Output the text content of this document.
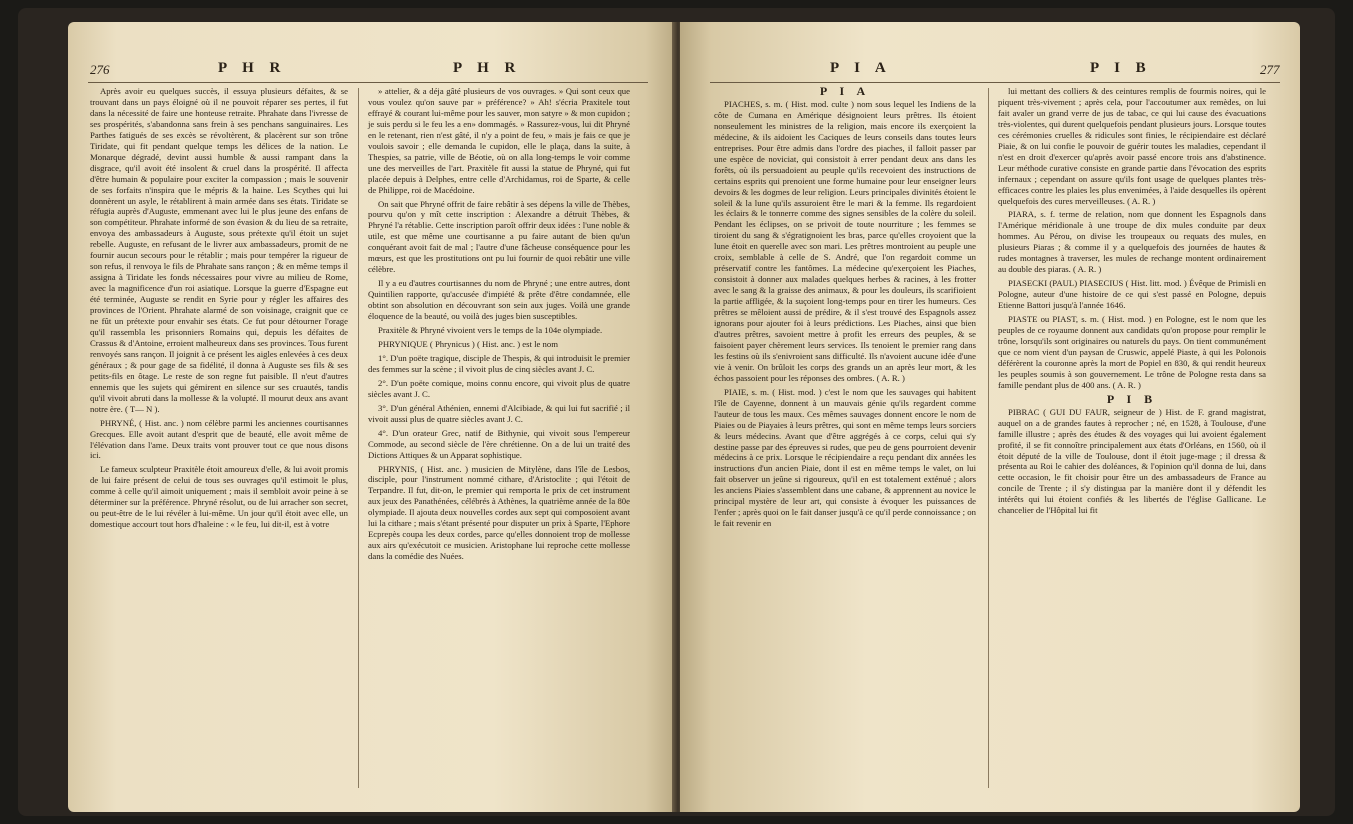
276	P H R	P H R

Après avoir eu quelques succès, il essuya plusieurs défaites, & se trouvant dans un pays éloigné où il ne pouvoit réparer ses pertes, il fut dans la nécessité de faire une honteuse retraite. Phrahate dans l'ivresse de ses prospérités, s'abandonna sans frein à ses penchans sanguinaires. Les Parthes fatigués de ses excès se révoltèrent, & placèrent sur son trône Tiridate, qui fit pendant quelque temps les délices de la nation. Le Monarque dégradé, devint aussi humble & aussi rampant dans la disgrace, qu'il avoit été insolent & cruel dans la prospérité. Il affecta d'être humain & populaire pour exciter la compassion ; mais le souvenir de ses forfaits n'inspira que le mépris & la haine. Les Scythes qui lui donnèrent un asyle, le rétablirent à main armée dans ses états. Tiridate se réfugia auprès d'Auguste, emmenant avec lui le plus jeune des enfans de son compétiteur. Phrahate informé de son évasion & du lieu de sa retraite, envoya des ambassadeurs à Auguste, sous prétexte qu'il étoit un sujet rebelle. Auguste, en refusant de le livrer aux ambassadeurs, promit de ne fournir aucun secours pour le rétablir ; mais pour tempérer la rigueur de son refus, il renvoya le fils de Phrahate sans rançon ; & en même temps il assigna à Tiridate les fonds nécessaires pour vivre au milieu de Rome, avec la magnificence d'un roi asiatique. Lorsque la guerre d'Espagne eut été terminée, Auguste se rendit en Syrie pour y régler les affaires des provinces de l'Orient. Phrahate alarmé de son voisinage, craignit que ce ne fût un prétexte pour envahir ses états. Ce fut pour détourner l'orage qu'il rassembla les prisonniers Romains qui, depuis les défaites de Crassus & d'Antoine, erroient malheureux dans ses provinces. Tous furent renvoyés sans rançon. Il joignit à ce présent les aigles enlevées à ces deux généraux ; & pour gage de sa fidélité, il donna à Auguste ses fils & ses petits-fils en ôtage. Le reste de son regne fut paisible. Il n'eut d'autres ennemis que les sujets qui gémirent en silence sur ses cruautés, tandis qu'il vivoit abruti dans la mollesse & la volupté. Il mourut deux ans avant notre ère. ( T— N ).

PHRYNÉ, ( Hist. anc. ) nom célèbre parmi les anciennes courtisannes Grecques. Elle avoit autant d'esprit que de beauté, elle avoit même de l'élévation dans l'ame. Deux traits vont prouver tout ce que nous disons ici.

Le fameux sculpteur Praxitèle étoit amoureux d'elle, & lui avoit promis de lui faire présent de celui de tous ses ouvrages qu'il estimoit le plus, comme à celle qu'il aimoit uniquement ; mais il sembloit avoir peine à se déterminer sur la préférence. Phryné résolut, ou de lui arracher son secret, ou peut-être de le lui révéler à lui-même. Un jour qu'il étoit avec elle, un domestique accourt tout hors d'haleine : « le feu, lui dit-il, est à votre

» attelier, & a déja gâté plusieurs de vos ouvrages. » Qui sont ceux que vous voulez qu'on sauve par » préférence? » Ah! s'écria Praxitele tout effrayé & courant lui-même pour les sauver, mon satyre » & mon cupidon ; je suis perdu si le feu les a en» dommagés. » Rassurez-vous, lui dit Phryné en le retenant, rien n'est gâté, il n'y a point de feu, » mais je fais ce que je voulois savoir ; elle demanda le cupidon, elle le plaça, dans la suite, à Thespies, sa patrie, ville de Béotie, où on alla long-temps le voir comme une des merveilles de l'art. Praxitèle fit aussi la statue de Phryné, qui fut placée depuis à Delphes, entre celle d'Archidamus, roi de Sparte, & celle de Philippe, roi de Macédoine.

On sait que Phryné offrit de faire rebâtir à ses dépens la ville de Thèbes, pourvu qu'on y mît cette inscription : Alexandre a détruit Thèbes, & Phryné l'a rétablie. Cette inscription paroît offrir deux idées : l'une noble & utile, est que même une courtisanne a pu faire autant de bien qu'un conquérant avoit fait de mal ; l'autre d'une fâcheuse conséquence pour les mœurs, est que les prostitutions ont pu lui fournir de quoi rebâtir une ville célèbre.

Il y a eu d'autres courtisannes du nom de Phryné ; une entre autres, dont Quintilien rapporte, qu'accusée d'impiété & prête d'être condamnée, elle obtint son absolution en découvrant son sein aux juges. Voilà une grande éloquence de la beauté, ou voilà des juges bien susceptibles.

Praxitèle & Phryné vivoient vers le temps de la 104e olympiade.

PHRYNIQUE ( Phrynicus ) ( Hist. anc. ) est le nom

1°. D'un poëte tragique, disciple de Thespis, & qui introduisit le premier des femmes sur la scène ; il vivoit plus de cinq siècles avant J. C.

2°. D'un poëte comique, moins connu encore, qui vivoit plus de quatre siècles avant J. C.

3°. D'un général Athénien, ennemi d'Alcibiade, & qui lui fut sacrifié ; il vivoit aussi plus de quatre siècles avant J. C.

4°. D'un orateur Grec, natif de Bithynie, qui vivoit sous l'empereur Commode, au second siècle de l'ère chrétienne. On a de lui un traité des Dictions Attiques & un Apparat sophistique.

PHRYNIS, ( Hist. anc. ) musicien de Mitylène, dans l'île de Lesbos, disciple, pour l'instrument nommé cithare, d'Aristoclite ; qui l'étoit de Terpandre. Il fut, dit-on, le premier qui remporta le prix de cet instrument aux jeux des Panathénées, célébrés à Athènes, la quatrième année de la 80e olympiade. Il ajouta deux nouvelles cordes aux sept qui composoient avant lui la cithare ; mais s'étant présenté pour disputer un prix à Sparte, l'Ephore Ecprepès coupa les deux cordes, parce qu'elles donnoient trop de mollesse aux airs qu'exécutoit ce musicien. Aristophane lui reproche cette mollesse dans la comédie des Nuées.

P I A	P I B	277
P I A

PIACHES, s. m. ( Hist. mod. culte ) nom sous lequel les Indiens de la côte de Cumana en Amérique désignoient leurs prêtres. Ils étoient nonseulement les ministres de la religion, mais encore ils exerçoient la médecine, & ils aidoient les Caciques de leurs conseils dans toutes leurs entreprises. Pour être admis dans l'ordre des piaches, il falloit passer par une espèce de noviciat, qui consistoit à errer pendant deux ans dans les forêts, où ils persuadoient au peuple qu'ils recevoient des instructions de certains esprits qui prenoient une forme humaine pour leur enseigner leurs devoirs & les dogmes de leur religion. Leurs principales divinités étoient le soleil & la lune qu'ils assuroient être le mari & la femme. Ils regardoient les éclairs & le tonnerre comme des signes sensibles de la colère du soleil. Pendant les éclipses, on se privoit de toute nourriture ; les femmes se tiroient du sang & s'égratignoient les bras, parce qu'elles croyoient que la lune étoit en querelle avec son mari. Les prêtres montroient au peuple une croix, semblable à celle de S. André, que l'on regardoit comme un préservatif contre les fantômes. La médecine qu'exerçoient les Piaches, consistoit à donner aux malades quelques herbes & racines, à les frotter avec le sang & la graisse des animaux, & pour les douleurs, ils scarifioient la partie affligée, & la suçoient long-temps pour en tirer les humeurs. Ces prêtres se mêloient aussi de prédire, & il s'est trouvé des Espagnols assez ignorans pour ajouter foi à leurs prédictions. Les Piaches, ainsi que bien d'autres prêtres, savoient mettre à profit les erreurs des peuples, & se faisoient payer chèrement leurs services. Ils tenoient le premier rang dans les festins où ils s'enivroient sans difficulté. Ils n'avoient aucune idée d'une vie à venir. On brûloit les corps des grands un an après leur mort, & les échos passoient pour les réponses des ombres. ( A. R. )

PIAIE, s. m. ( Hist. mod. ) c'est le nom que les sauvages qui habitent l'île de Cayenne, donnent à un mauvais génie qu'ils regardent comme l'auteur de tous les maux. Ces mêmes sauvages donnent encore le nom de Piaies ou de Piayaies à leurs prêtres, qui sont en même temps leurs sorciers & leurs médecins. Avant que d'être aggrégés à ce corps, celui qui s'y destine passe par des épreuves si rudes, que peu de gens pourroient devenir médecins à ce prix. Lorsque le récipiendaire a reçu pendant dix années les instructions d'un ancien Piaie, dont il est en même temps le valet, on lui fait observer un jeûne si rigoureux, qu'il en est totalement exténué ; alors les anciens Piaies s'assemblent dans une cabane, & apprennent au novice le principal mystère de leur art, qui consiste à évoquer les puissances de l'enfer ; après quoi on le fait danser jusqu'à ce qu'il perde connoissance ; on le fait revenir en

lui mettant des colliers & des ceintures remplis de fourmis noires, qui le piquent très-vivement ; après cela, pour l'accoutumer aux remèdes, on lui fait avaler un grand verre de jus de tabac, ce qui lui cause des évacuations très-violentes, qui durent quelquefois pendant plusieurs jours. Lorsque toutes ces cérémonies cruelles & ridicules sont finies, le récipiendaire est déclaré Piaie, & on lui confie le pouvoir de guérir toutes les maladies, cependant il n'est en droit d'exercer qu'après avoir passé encore trois ans d'abstinence. Leur méthode curative consiste en grande partie dans l'évocation des esprits infernaux ; cependant on assure qu'ils font usage de quelques plantes très-efficaces contre les plaies les plus envenimées, à l'aide desquelles ils opèrent quelquefois des cures merveilleuses. ( A. R. )

PIARA, s. f. terme de relation, nom que donnent les Espagnols dans l'Amérique méridionale à une troupe de dix mules conduite par deux hommes. Au Pérou, on divise les troupeaux ou requats des mules, en plusieurs Piaras ; & comme il y a quelquefois des journées de hautes & rudes montagnes à traverser, les mules de rechange montent ordinairement au double des piaras. ( A. R. )

PIASECKI (PAUL) PIASECIUS ( Hist. litt. mod. ) Évêque de Primisli en Pologne, auteur d'une histoire de ce qui s'est passé en Pologne, depuis Etienne Battori jusqu'à l'année 1646.

PIASTE ou PIAST, s. m. ( Hist. mod. ) en Pologne, est le nom que les peuples de ce royaume donnent aux candidats qu'on propose pour remplir le trône, lorsqu'ils sont originaires ou naturels du pays. On tient communément que ce nom vient d'un paysan de Cruswic, appelé Piaste, à qui les Polonois déférèrent la couronne après la mort de Popiel en 830, & qui rendit heureux les peuples soumis à son gouvernement. Le trône de Pologne resta dans sa famille pendant plus de 400 ans. ( A. R. )

P I B

PIBRAC ( GUI DU FAUR, seigneur de ) Hist. de F. grand magistrat, auquel on a de grandes fautes à reprocher ; né, en 1528, à Toulouse, d'une famille illustre ; après des études & des voyages qui lui avoient également profité, il se fit connoître principalement aux états d'Orléans, en 1560, où il étoit député de la ville de Toulouse, dont il étoit juge-mage ; il dressa & présenta au Roi le cahier des doléances, & l'opinion qu'il donna de lui, dans cette occasion, le fit choisir pour être un des ambassadeurs de France au concile de Trente ; il s'y distingua par la manière dont il y défendit les intérêts qui lui étoient confiés & les libertés de l'église Gallicane. Le chancelier de l'Hôpital lui fit
